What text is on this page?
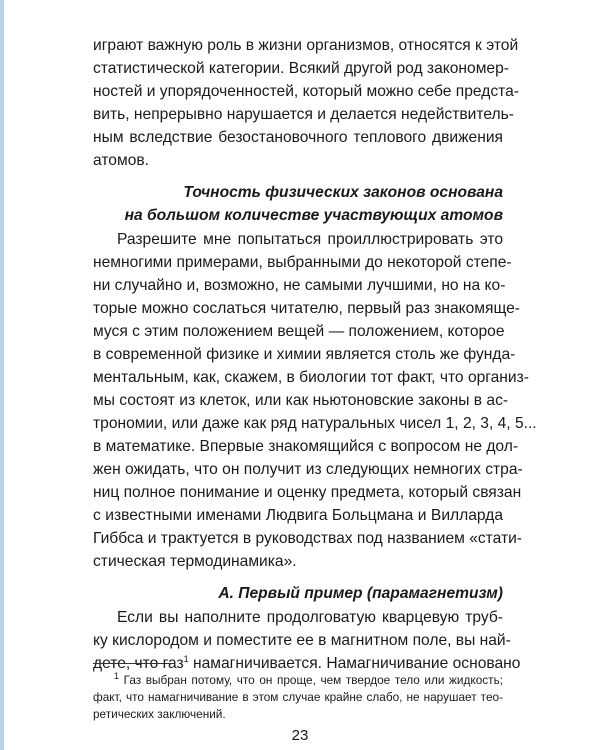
играют важную роль в жизни организмов, относятся к этой
статистической категории. Всякий другой род закономер-
ностей и упорядоченностей, который можно себе предста-
вить, непрерывно нарушается и делается недействитель-
ным вследствие безостановочного теплового движения
атомов.
Точность физических законов основана
на большом количестве участвующих атомов
Разрешите мне попытаться проиллюстрировать это
немногими примерами, выбранными до некоторой степе-
ни случайно и, возможно, не самыми лучшими, но на ко-
торые можно сослаться читателю, первый раз знакомяще-
муся с этим положением вещей — положением, которое
в современной физике и химии является столь же фунда-
ментальным, как, скажем, в биологии тот факт, что организ-
мы состоят из клеток, или как ньютоновские законы в ас-
трономии, или даже как ряд натуральных чисел 1, 2, 3, 4, 5...
в математике. Впервые знакомящийся с вопросом не дол-
жен ожидать, что он получит из следующих немногих стра-
ниц полное понимание и оценку предмета, который связан
с известными именами Людвига Больцмана и Вилларда
Гиббса и трактуется в руководствах под названием «стати-
стическая термодинамика».
А. Первый пример (парамагнетизм)
Если вы наполните продолговатую кварцевую труб-
ку кислородом и поместите ее в магнитном поле, вы най-
дете, что газ$^1$ намагничивается. Намагничивание основано
$^1$ Газ выбран потому, что он проще, чем твердое тело или жидкость;
факт, что намагничивание в этом случае крайне слабо, не нарушает тео-
ретических заключений.
23
